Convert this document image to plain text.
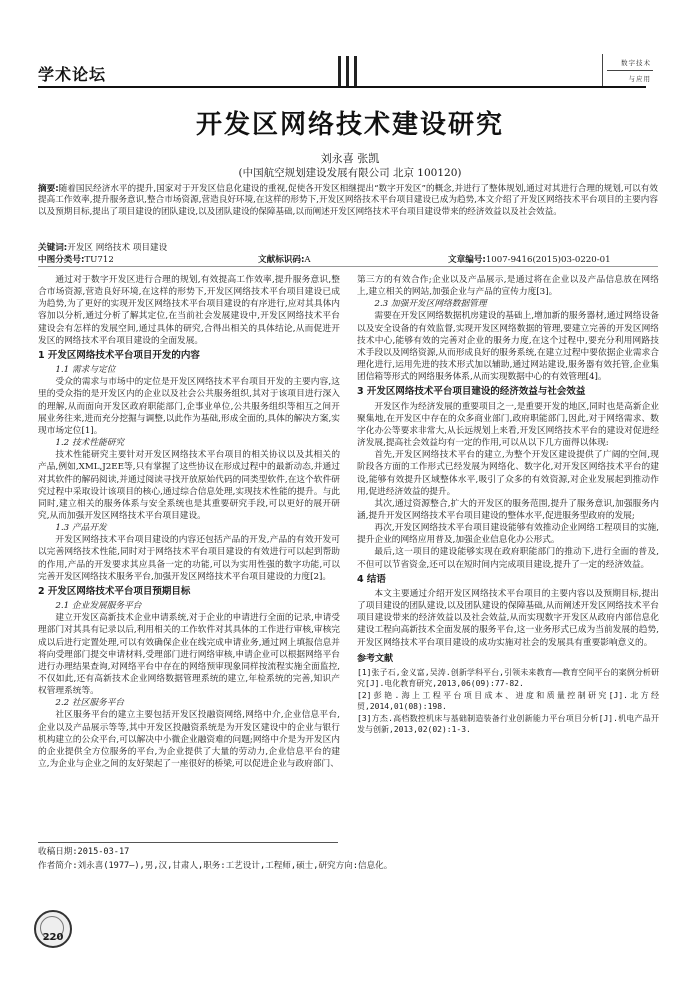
学术论坛
数字技术
与应用
开发区网络技术建设研究
刘永喜 张凯
(中国航空规划建设发展有限公司 北京 100120)
摘要:随着国民经济水平的提升,国家对于开发区信息化建设的重视,促使各开发区相继提出“数字开发区”的概念,并进行了整体规划,通过对其进行合理的规划,可以有效提高工作效率,提升服务意识,整合市场资源,营造良好环境,在这样的形势下,开发区网络技术平台项目建设已成为趋势,本文介绍了开发区网络技术平台项目的主要内容以及预期目标,提出了项目建设的团队建设,以及团队建设的保障基础,以而阐述开发区网络技术平台项目建设带来的经济效益以及社会效益。
关键词:开发区 网络技术 项目建设
中图分类号:TU712	文献标识码:A	文章编号:1007-9416(2015)03-0220-01

通过对于数字开发区进行合理的规划,有效提高工作效率,提升服务意识,整合市场资源,营造良好环境,在这样的形势下,开发区网络技术平台项目建设已成为趋势,为了更好的实现开发区网络技术平台项目建设的有序进行,应对其具体内容加以分析,通过分析了解其定位,在当前社会发展建设中,开发区网络技术平台建设会有怎样的发展空间,通过具体的研究,合得出相关的具体结论,从而促进开发区的网络技术平台项目建设的全面发展。

1 开发区网络技术平台项目开发的内容
1.1 需求与定位

受众的需求与市场中的定位是开发区网络技术平台项目开发的主要内容,这里的受众指的是开发区内的企业以及社会公共服务组织,其对于该项目进行深入的理解,从而面向开发区政府职能部门,企事业单位,公共服务组织等相互之间开展业务往来,进而充分挖掘与调整,以此作为基础,形成全面的,具体的解决方案,实现市场定位[1]。

1.2 技术性能研究

技术性能研究主要针对开发区网络技术平台项目的相关协议以及其相关的产品,例如,XML,J2EE等,只有掌握了这些协议在形成过程中的最新动态,并通过对其软件的解码阅读,并通过阅读寻找开放原始代码的同类型软件,在这个软件研究过程中采取设计该项目的核心,通过综合信息处理,实现技术性能的提升。与此同时,建立相关的服务体系与安全系统也是其重要研究手段,可以更好的展开研究,从而加强开发区网络技术平台项目建设。

1.3 产品开发

开发区网络技术平台项目建设的内容还包括产品的开发,产品的有效开发可以完善网络技术性能,同时对于网络技术平台项目建设的有效进行可以起到帮助的作用,产品的开发要求其应具备一定的功能,可以为实用性强的数字功能,可以完善开发区网络技术服务平台,加强开发区网络技术平台项目建设的力度[2]。

2 开发区网络技术平台项目预期目标
2.1 企业发展服务平台

建立开发区高新技术企业申请系统,对于企业的申请进行全面的记录,申请受理部门对其具有记录以后,利用相关的工作软件对其具体的工作进行审核,审核完成以后进行定置处理,可以有效确保企业在线完成申请业务,通过网上填报信息并将向受理部门提交申请材料,受理部门进行网络审核,申请企业可以根据网络平台进行办理结果查询,对网络平台中存在的网络预审现象同样按流程实施全面监控,不仅如此,还有高新技术企业网络数据管理系统的建立,年检系统的完善,知识产权管理系统等。

2.2 社区服务平台

社区服务平台的建立主要包括开发区投融资网络,网络中介,企业信息平台,企业以及产品展示等等,其中开发区投融资系统是为开发区建设中的企业与银行机构建立的公众平台,可以解决中小微企业融资难的问题;网络中介是为开发区内的企业提供全方位服务的平台,为企业提供了大量的劳动力,企业信息平台的建立,为企业与企业之间的友好架起了一座很好的桥梁,可以促进企业与政府部门、

第三方的有效合作;企业以及产品展示,是通过将在企业以及产品信息放在网络上,建立相关的网站,加强企业与产品的宣传力度[3]。

2.3 加强开发区网络数据管理

需要在开发区网络数据机房建设的基础上,增加新的服务器材,通过网络设备以及安全设备的有效监督,实现开发区网络数据的管理,要建立完善的开发区网络技术中心,能够有效的完善对企业的服务力度,在这个过程中,要充分利用网路技术手段以及网络资源,从而形成良好的服务系统,在建立过程中要依据企业需求合理化进行,运用先进的技术形式加以辅助,通过网站建设,服务器有效托管,企业集团信箱等形式的网络服务体系,从而实现数据中心的有效管理[4]。

3 开发区网络技术平台项目建设的经济效益与社会效益

开发区作为经济发展的重要项目之一,是重要开发的地区,同时也是高新企业聚集地,在开发区中存在的众多商业部门,政府职能部门,因此,对于网络需求、数字化办公等要求非常大,从长远规划上来看,开发区网络技术平台的建设对促进经济发展,提高社会效益均有一定的作用,可以从以下几方面得以体现:

首先,开发区网络技术平台的建立,为整个开发区建设提供了广阔的空间,现阶段各方面的工作形式已经发展为网络化、数字化,对开发区网络技术平台的建设,能够有效提升区域整体水平,吸引了众多的有效资源,对企业发展起到推动作用,促进经济效益的提升。

其次,通过资源整合,扩大的开发区的服务范围,提升了服务意识,加强服务内涵,提升开发区网络技术平台项目建设的整体水平,促进服务型政府的发展;

再次,开发区网络技术平台项目建设能够有效推动企业网络工程项目的实施,提升企业的网络应用普及,加强企业信息化办公形式。

最后,这一项目的建设能够实现在政府职能部门的推动下,进行全面的普及,不但可以节省资金,还可以在短时间内完成项目建设,提升了一定的经济效益。

4 结语

本文主要通过介绍开发区网络技术平台项目的主要内容以及预期目标,提出了项目建设的团队建设,以及团队建设的保障基础,从而阐述开发区网络技术平台项目建设带来的经济效益以及社会效益,从而实现数字开发区从政府内部信息化建设工程向高新技术全面发展的服务平台,这一业务形式已成为当前发展的趋势,开发区网络技术平台项目建设的成功实施对社会的发展具有重要影响意义的。

参考文献

[1]张子石,金义富,吴涛.创新学科平台,引领未来教育——教育空间平台的案例分析研究[J].电化教育研究,2013,06(09):77-82.

[2]彭艳.海上工程平台项目成本、进度和质量控制研究[J].北方经贸,2014,01(08):198.

[3]方杰.高档数控机床与基础制造装备行业创新能力平台项目分析[J].机电产品开发与创新,2013,02(02):1-3.

收稿日期:2015-03-17
作者简介:刘永喜(1977—),男,汉,甘肃人,职务:工艺设计,工程师,硕士,研究方向:信息化。
220
